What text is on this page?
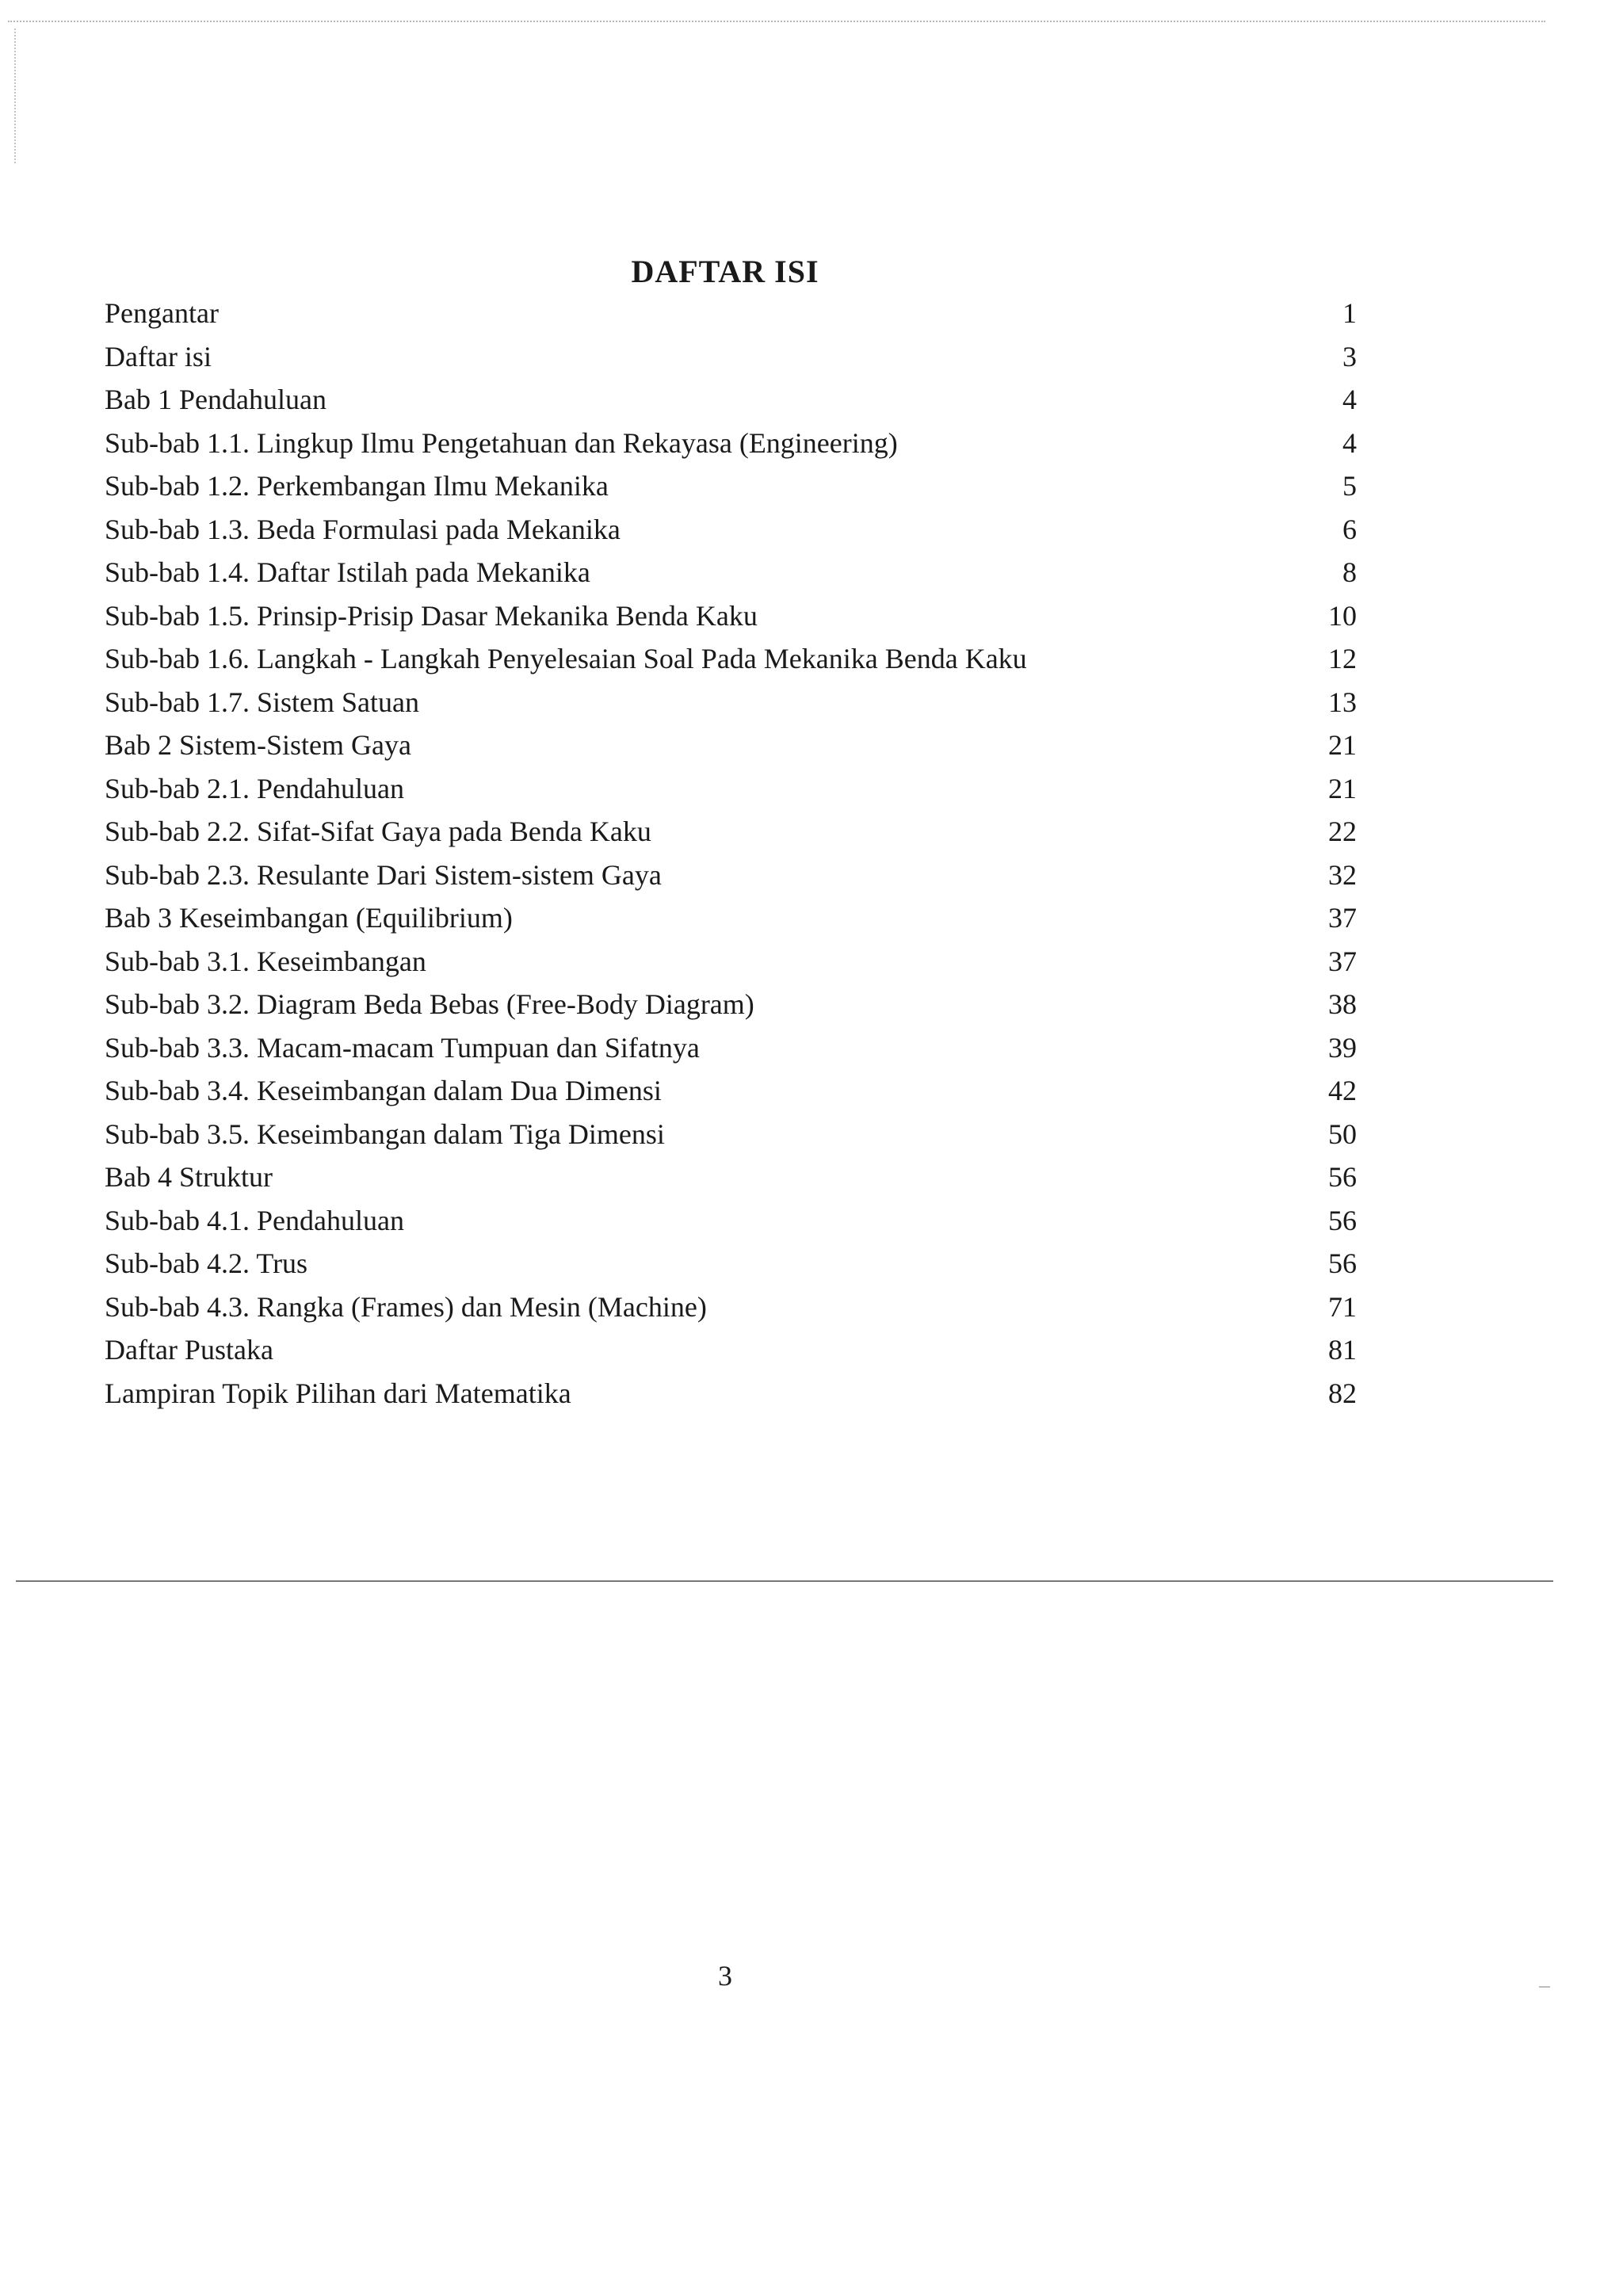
DAFTAR ISI
Pengantar	1
Daftar isi	3
Bab 1 Pendahuluan	4
Sub-bab 1.1. Lingkup Ilmu Pengetahuan dan Rekayasa (Engineering)	4
Sub-bab 1.2. Perkembangan Ilmu Mekanika	5
Sub-bab 1.3. Beda Formulasi pada Mekanika	6
Sub-bab 1.4. Daftar Istilah pada Mekanika	8
Sub-bab 1.5. Prinsip-Prisip Dasar Mekanika Benda Kaku	10
Sub-bab 1.6. Langkah - Langkah Penyelesaian Soal Pada Mekanika Benda Kaku	12
Sub-bab 1.7. Sistem Satuan	13
Bab 2 Sistem-Sistem Gaya	21
Sub-bab 2.1. Pendahuluan	21
Sub-bab 2.2. Sifat-Sifat Gaya pada Benda Kaku	22
Sub-bab 2.3. Resulante Dari Sistem-sistem Gaya	32
Bab 3 Keseimbangan (Equilibrium)	37
Sub-bab 3.1. Keseimbangan	37
Sub-bab 3.2. Diagram Beda Bebas (Free-Body Diagram)	38
Sub-bab 3.3. Macam-macam Tumpuan dan Sifatnya	39
Sub-bab 3.4. Keseimbangan dalam Dua Dimensi	42
Sub-bab 3.5. Keseimbangan dalam Tiga Dimensi	50
Bab 4 Struktur	56
Sub-bab 4.1. Pendahuluan	56
Sub-bab 4.2. Trus	56
Sub-bab 4.3. Rangka (Frames) dan Mesin (Machine)	71
Daftar Pustaka	81
Lampiran Topik Pilihan dari Matematika	82
3
